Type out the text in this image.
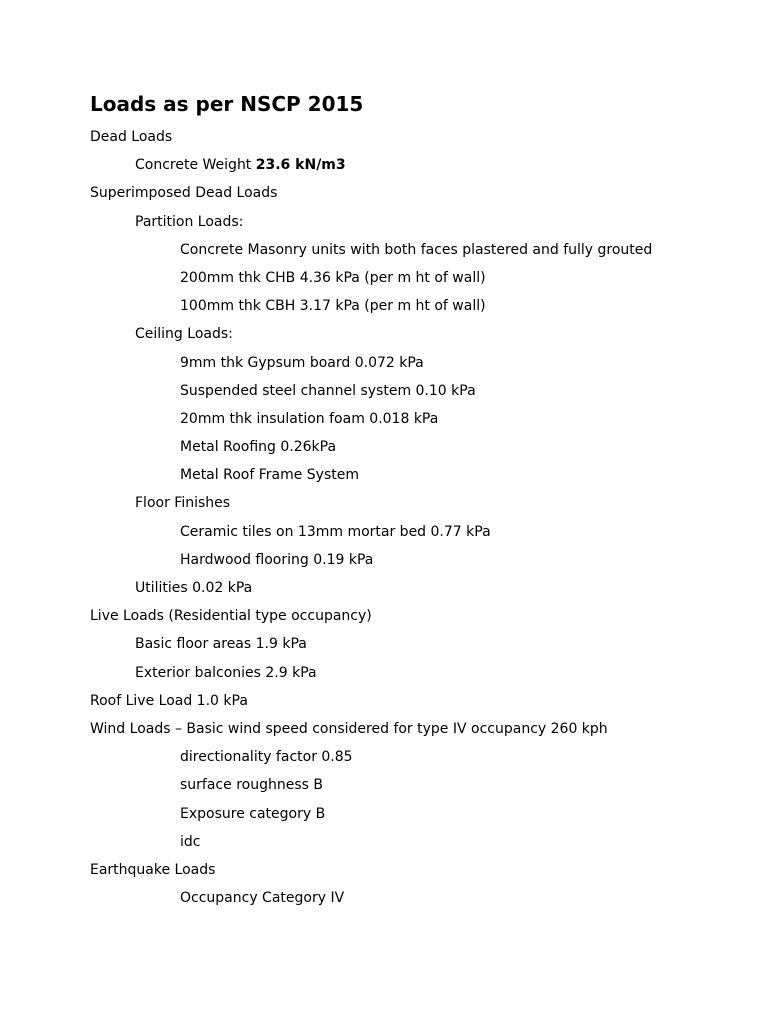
Loads as per NSCP 2015
Dead Loads
Concrete Weight 23.6 kN/m3
Superimposed Dead Loads
Partition Loads:
Concrete Masonry units with both faces plastered and fully grouted
200mm thk CHB 4.36 kPa (per m ht of wall)
100mm thk CBH 3.17 kPa (per m ht of wall)
Ceiling Loads:
9mm thk Gypsum board 0.072 kPa
Suspended steel channel system 0.10 kPa
20mm thk insulation foam 0.018 kPa
Metal Roofing 0.26kPa
Metal Roof Frame System
Floor Finishes
Ceramic tiles on 13mm mortar bed 0.77 kPa
Hardwood flooring 0.19 kPa
Utilities 0.02 kPa
Live Loads (Residential type occupancy)
Basic floor areas 1.9 kPa
Exterior balconies 2.9 kPa
Roof Live Load 1.0 kPa
Wind Loads – Basic wind speed considered for type IV occupancy 260 kph
directionality factor 0.85
surface roughness B
Exposure category B
idc
Earthquake Loads
Occupancy Category IV
